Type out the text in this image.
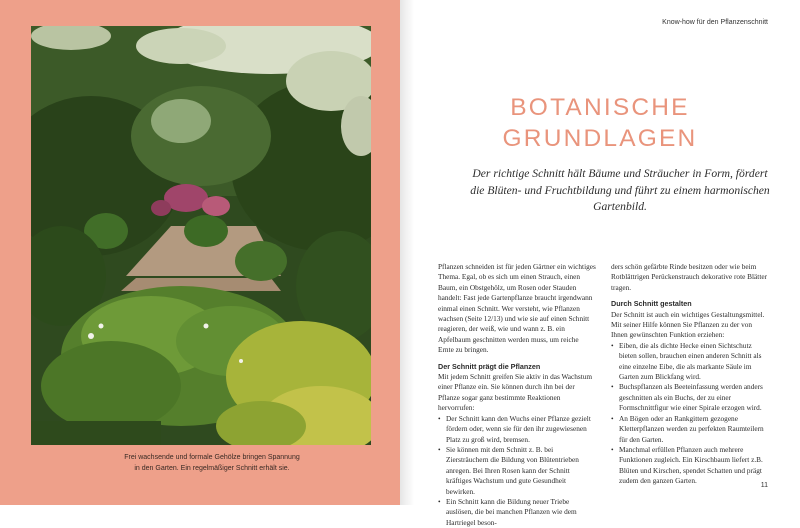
Frei wachsende und formale Gehölze bringen Spannung in den Garten. Ein regelmäßiger Schnitt erhält sie.

Know-how für den Pflanzenschnitt

BOTANISCHE
GRUNDLAGEN

Der richtige Schnitt hält Bäume und Sträucher in Form, fördert die Blüten- und Fruchtbildung und führt zu einem harmonischen Gartenbild.

Pflanzen schneiden ist für jeden Gärtner ein wichtiges Thema. Egal, ob es sich um einen Strauch, einen Baum, ein Obstgehölz, um Rosen oder Stauden handelt: Fast jede Gartenpflanze braucht irgendwann einmal einen Schnitt. Wer versteht, wie Pflanzen wachsen (Seite 12/13) und wie sie auf einen Schnitt reagieren, der weiß, wie und wann z. B. ein Apfelbaum geschnitten werden muss, um reiche Ernte zu bringen.

Der Schnitt prägt die Pflanzen

Mit jedem Schnitt greifen Sie aktiv in das Wachstum einer Pflanze ein. Sie können durch ihn bei der Pflanze sogar ganz bestimmte Reaktionen hervorrufen:

• Der Schnitt kann den Wuchs einer Pflanze gezielt fördern oder, wenn sie für den ihr zugewiesenen Platz zu groß wird, bremsen.
• Sie können mit dem Schnitt z. B. bei Ziersträuchern die Bildung von Blütentrieben anregen. Bei Ihren Rosen kann der Schnitt kräftiges Wachstum und gute Gesundheit bewirken.
• Ein Schnitt kann die Bildung neuer Triebe auslösen, die bei manchen Pflanzen wie dem Hartriegel beson-

ders schön gefärbte Rinde besitzen oder wie beim Rotblättrigen Perückenstrauch dekorative rote Blätter tragen.

Durch Schnitt gestalten

Der Schnitt ist auch ein wichtiges Gestaltungsmittel. Mit seiner Hilfe können Sie Pflanzen zu der von Ihnen gewünschten Funktion erziehen:

• Eiben, die als dichte Hecke einen Sichtschutz bieten sollen, brauchen einen anderen Schnitt als eine einzelne Eibe, die als markante Säule im Garten zum Blickfang wird.
• Buchspflanzen als Beeteinfassung werden anders geschnitten als ein Buchs, der zu einer Formschnittfigur wie einer Spirale erzogen wird.
• An Bögen oder an Rankgittern gezogene Kletterpflanzen werden zu perfekten Raumteilern für den Garten.
• Manchmal erfüllen Pflanzen auch mehrere Funktionen zugleich. Ein Kirschbaum liefert z.B. Blüten und Kirschen, spendet Schatten und prägt zudem den ganzen Garten.

11
